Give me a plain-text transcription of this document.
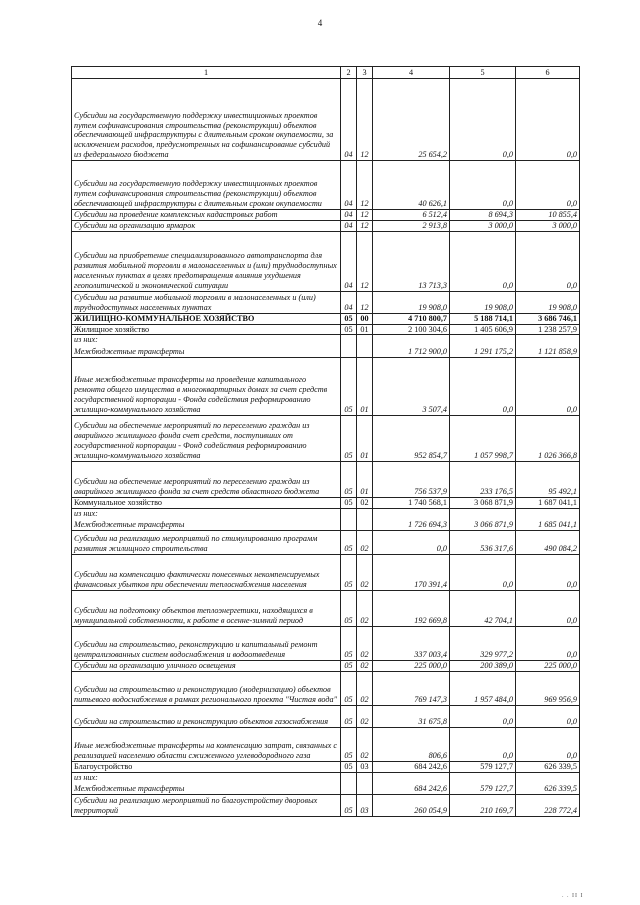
4
1	2	3	4	5	6
Субсидии на государственную поддержку инвестиционных проектов путем софинансирования строительства (реконструкции) объектов обеспечивающей инфраструктуры с длительным сроком окупаемости, за исключением расходов, предусмотренных на софинансирование субсидий из федерального бюджета	04	12	25 654,2	0,0	0,0
Субсидии на государственную поддержку инвестиционных проектов путем софинансирования строительства (реконструкции) объектов обеспечивающей инфраструктуры с длительным сроком окупаемости	04	12	40 626,1	0,0	0,0
Субсидии на проведение комплексных кадастровых работ	04	12	6 512,4	8 694,3	10 855,4
Субсидии на организацию ярмарок	04	12	2 913,8	3 000,0	3 000,0
Субсидии на приобретение специализированного автотранспорта для развития мобильной торговли в малонаселенных и (или) труднодоступных населенных пунктах в целях предотвращения влияния ухудшения геополитической и экономической ситуации	04	12	13 713,3	0,0	0,0
Субсидии на развитие мобильной торговли в малонаселенных и (или) труднодоступных населенных пунктах	04	12	19 908,0	19 908,0	19 908,0
ЖИЛИЩНО-КОММУНАЛЬНОЕ ХОЗЯЙСТВО	05	00	4 710 800,7	5 188 714,1	3 686 746,1
Жилищное хозяйство	05	01	2 100 304,6	1 405 606,9	1 238 257,9
из них:					
Межбюджетные трансферты			1 712 900,0	1 291 175,2	1 121 858,9
Иные межбюджетные трансферты на проведение капитального ремонта общего имущества в многоквартирных домах за счет средств государственной корпорации - Фонда содействия реформированию жилищно-коммунального хозяйства	05	01	3 507,4	0,0	0,0
Субсидии на обеспечение мероприятий по переселению граждан из аварийного жилищного фонда счет средств, поступивших от государственной корпорации - Фонд содействия реформированию жилищно-коммунального хозяйства	05	01	952 854,7	1 057 998,7	1 026 366,8
Субсидии на обеспечение мероприятий по переселению граждан из аварийного жилищного фонда за счет средств областного бюджета	05	01	756 537,9	233 176,5	95 492,1
Коммунальное хозяйство	05	02	1 740 568,1	3 068 871,9	1 687 041,1
из них:					
Межбюджетные трансферты			1 726 694,3	3 066 871,9	1 685 041,1
Субсидии на реализацию мероприятий по стимулированию программ развития жилищного строительства	05	02	0,0	536 317,6	490 084,2
Субсидии на компенсацию фактически понесенных некомпенсируемых финансовых убытков при обеспечении теплоснабжения населения	05	02	170 391,4	0,0	0,0
Субсидии на подготовку объектов теплоэнергетики, находящихся в муниципальной собственности, к работе в осенне-зимний период	05	02	192 669,8	42 704,1	0,0
Субсидии на строительство, реконструкцию и капитальный ремонт централизованных систем водоснабжения и водоотведения	05	02	337 003,4	329 977,2	0,0
Субсидии на организацию уличного освещения	05	02	225 000,0	200 389,0	225 000,0
Субсидии на строительство и реконструкцию (модернизацию) объектов питьевого водоснабжения в рамках регионального проекта "Чистая вода"	05	02	769 147,3	1 957 484,0	969 956,9
Субсидии на строительство и реконструкцию объектов газоснабжения	05	02	31 675,8	0,0	0,0
Иные межбюджетные трансферты на компенсацию затрат, связанных с реализацией населению области сжиженного углеводородного газа	05	02	806,6	0,0	0,0
Благоустройство	05	03	684 242,6	579 127,7	626 339,5
из них:					
Межбюджетные трансферты			684 242,6	579 127,7	626 339,5
Субсидии на реализацию мероприятий по благоустройству дворовых территорий	05	03	260 054,9	210 169,7	228 772,4
. . II I
